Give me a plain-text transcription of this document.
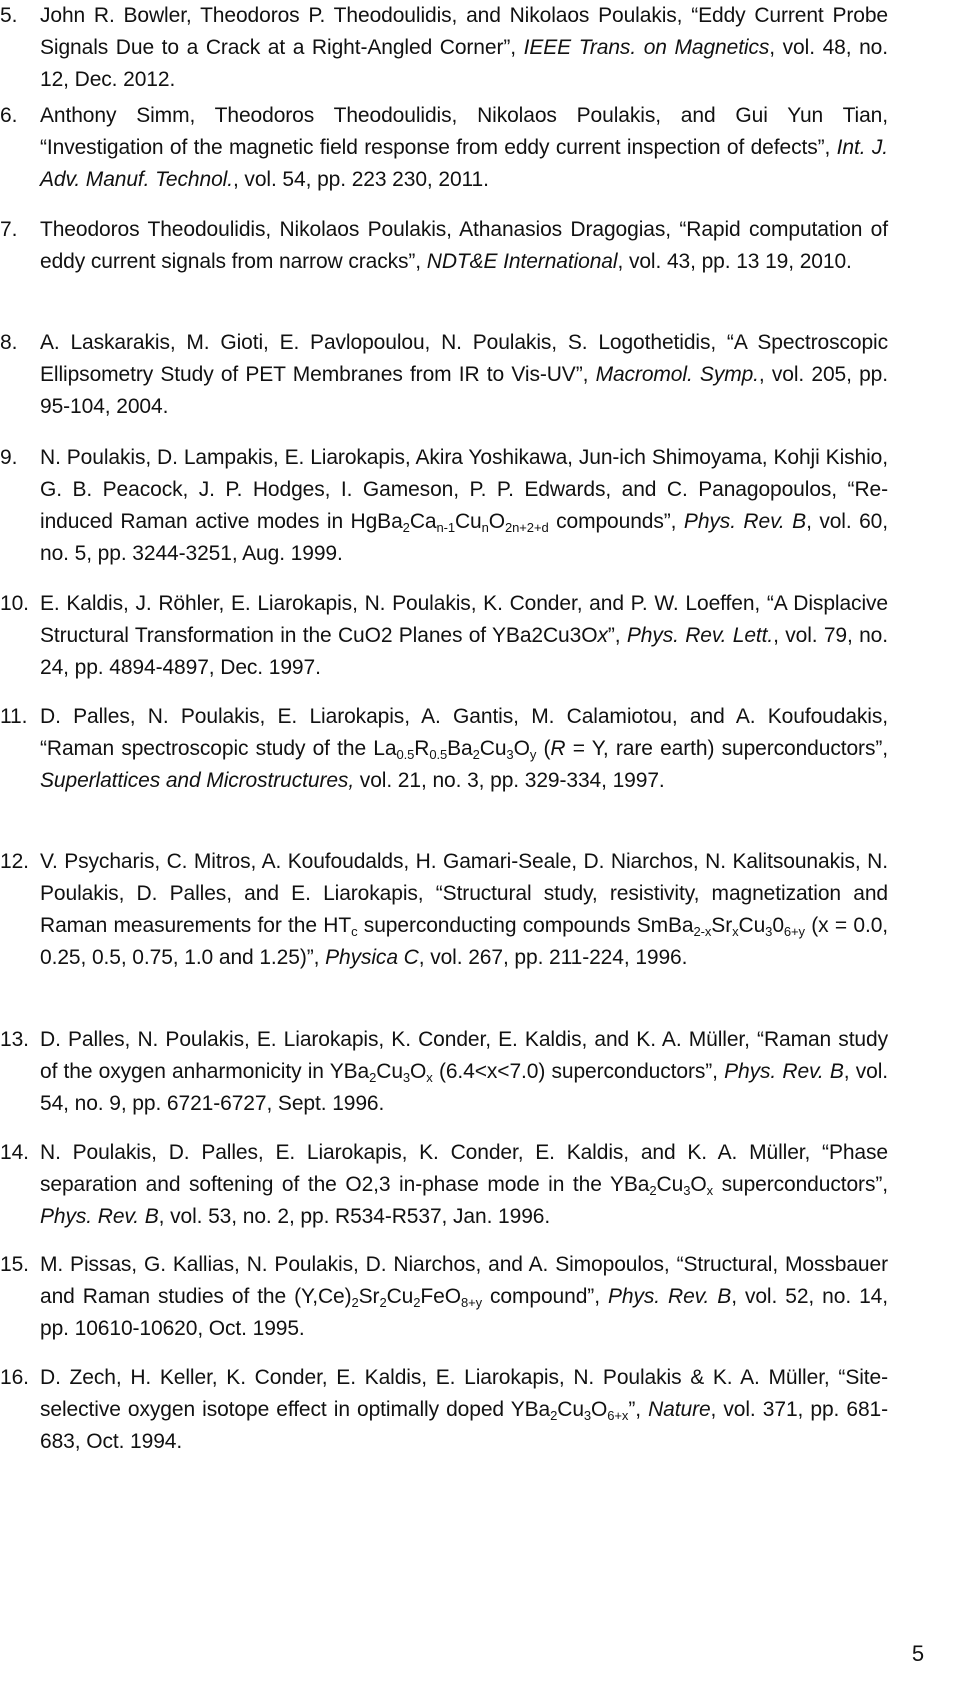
5.	John R. Bowler, Theodoros P. Theodoulidis, and Nikolaos Poulakis, “Eddy Current Probe Signals Due to a Crack at a Right-Angled Corner”, IEEE Trans. on Magnetics, vol. 48, no. 12, Dec. 2012.
6.	Anthony Simm, Theodoros Theodoulidis, Nikolaos Poulakis, and Gui Yun Tian, “Investigation of the magnetic field response from eddy current inspection of defects”, Int. J. Adv. Manuf. Technol., vol. 54, pp. 223 230, 2011.
7.	Theodoros Theodoulidis, Nikolaos Poulakis, Athanasios Dragogias, “Rapid computation of eddy current signals from narrow cracks”, NDT&E International, vol. 43, pp. 13 19, 2010.
8.	A. Laskarakis, M. Gioti, E. Pavlopoulou, N. Poulakis, S. Logothetidis, “A Spectroscopic Ellipsometry Study of PET Membranes from IR to Vis-UV”, Macromol. Symp., vol. 205, pp. 95-104, 2004.
9.	N. Poulakis, D. Lampakis, E. Liarokapis, Akira Yoshikawa, Jun-ich Shimoyama, Kohji Kishio, G. B. Peacock, J. P. Hodges, I. Gameson, P. P. Edwards, and C. Panagopoulos, “Re-induced Raman active modes in $HgBa_2Ca_{n-1}Cu_nO_{2n+2+d}$ compounds”, Phys. Rev. B, vol. 60, no. 5, pp. 3244-3251, Aug. 1999.
10. E. Kaldis, J. Röhler, E. Liarokapis, N. Poulakis, K. Conder, and P. W. Loeffen, “A Displacive Structural Transformation in the CuO2 Planes of YBa2Cu3Ox”, Phys. Rev. Lett., vol. 79, no. 24, pp. 4894-4897, Dec. 1997.
11. D. Palles, N. Poulakis, E. Liarokapis, A. Gantis, M. Calamiotou, and A. Koufoudakis, “Raman spectroscopic study of the $La_{0.5}R_{0.5}Ba_2Cu_3O_y$ (R = Y, rare earth) superconductors”, Superlattices and Microstructures, vol. 21, no. 3, pp. 329-334, 1997.
12. V. Psycharis, C. Mitros, A. Koufoudalds, H. Gamari-Seale, D. Niarchos, N. Kalitsounakis, N. Poulakis, D. Palles, and E. Liarokapis, “Structural study, resistivity, magnetization and Raman measurements for the $HT_c$ superconducting compounds $SmBa_{2-x}Sr_xCu_30_{6+y}$ (x = 0.0, 0.25, 0.5, 0.75, 1.0 and 1.25)”, Physica C, vol. 267, pp. 211-224, 1996.
13. D. Palles, N. Poulakis, E. Liarokapis, K. Conder, E. Kaldis, and K. A. Müller, “Raman study of the oxygen anharmonicity in $YBa_2Cu_3O_x$ (6.4<x<7.0) superconductors”, Phys. Rev. B, vol. 54, no. 9, pp. 6721-6727, Sept. 1996.
14. N. Poulakis, D. Palles, E. Liarokapis, K. Conder, E. Kaldis, and K. A. Müller, “Phase separation and softening of the O2,3 in-phase mode in the $YBa_2Cu_3O_x$ superconductors”, Phys. Rev. B, vol. 53, no. 2, pp. R534-R537, Jan. 1996.
15. M. Pissas, G. Kallias, N. Poulakis, D. Niarchos, and A. Simopoulos, “Structural, Mossbauer and Raman studies of the $(Y,Ce)_2Sr_2Cu_2FeO_{8+y}$ compound”, Phys. Rev. B, vol. 52, no. 14, pp. 10610-10620, Oct. 1995.
16. D. Zech, H. Keller, K. Conder, E. Kaldis, E. Liarokapis, N. Poulakis & K. A. Müller, “Site-selective oxygen isotope effect in optimally doped $YBa_2Cu_3O_{6+x}$”, Nature, vol. 371, pp. 681-683, Oct. 1994.
5
